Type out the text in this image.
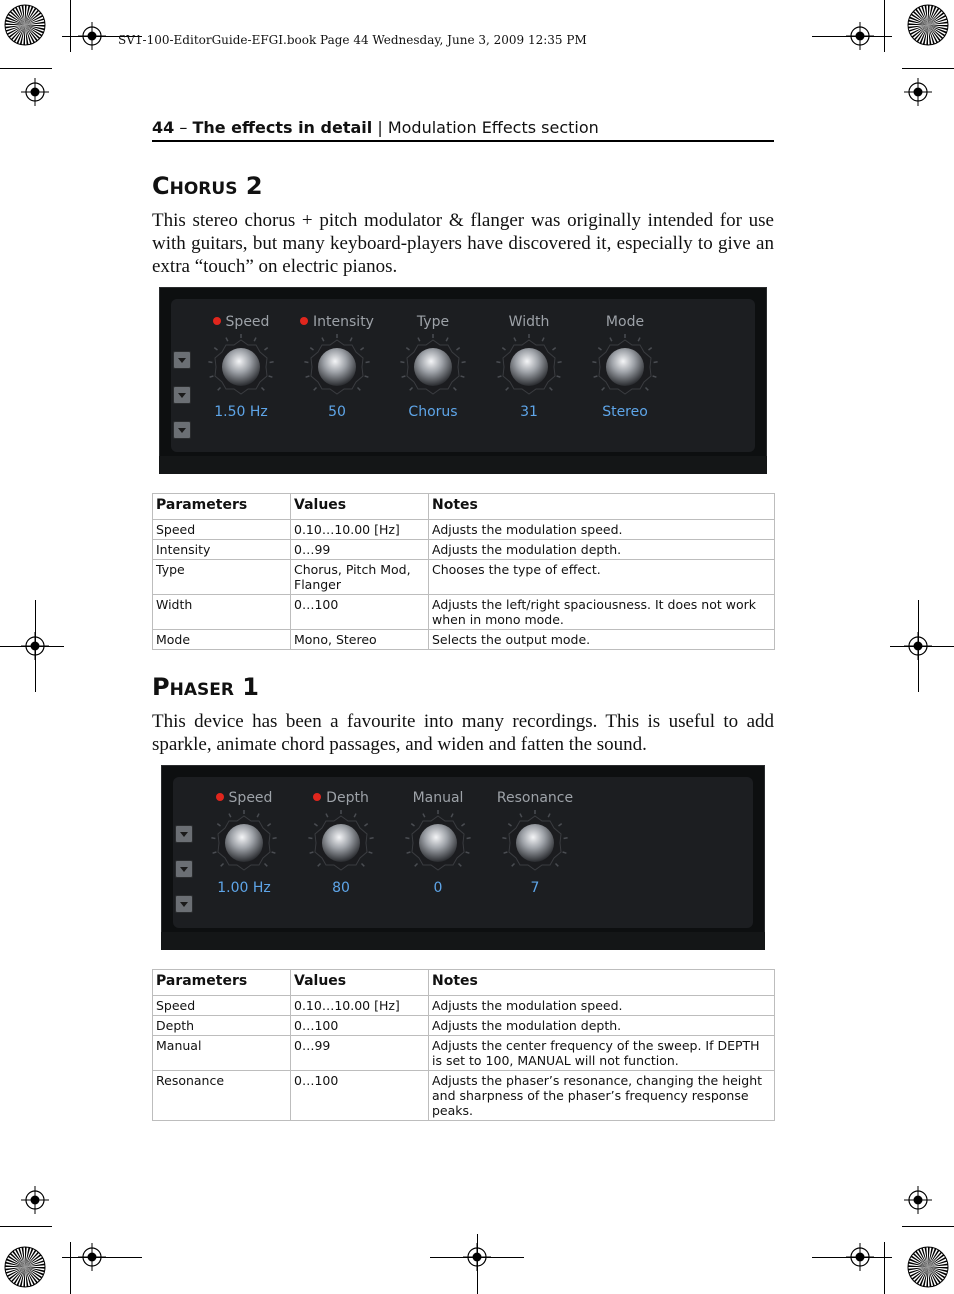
SV1-100-EditorGuide-EFGI.book Page 44 Wednesday, June 3, 2009 12:35 PM
44 – The effects in detail | Modulation Effects section
CHORUS 2
This stereo chorus + pitch modulator & flanger was originally intended for use with guitars, but many keyboard-players have discovered it, especially to give an extra “touch” on electric pianos.
Speed
1.50 Hz
Intensity
50
Type
Chorus
Width
31
Mode
Stereo
Parameters	Values	Notes
Speed	0.10…10.00 [Hz]	Adjusts the modulation speed.
Intensity	0…99	Adjusts the modulation depth.
Type	Chorus, Pitch Mod, Flanger	Chooses the type of effect.
Width	0…100	Adjusts the left/right spaciousness. It does not work when in mono mode.
Mode	Mono, Stereo	Selects the output mode.
PHASER 1
This device has been a favourite into many recordings. This is useful to add sparkle, animate chord passages, and widen and fatten the sound.
Speed
1.00 Hz
Depth
80
Manual
0
Resonance
7
Parameters	Values	Notes
Speed	0.10…10.00 [Hz]	Adjusts the modulation speed.
Depth	0…100	Adjusts the modulation depth.
Manual	0…99	Adjusts the center frequency of the sweep. If DEPTH is set to 100, MANUAL will not function.
Resonance	0…100	Adjusts the phaser’s resonance, changing the height and sharpness of the phaser’s frequency response peaks.
